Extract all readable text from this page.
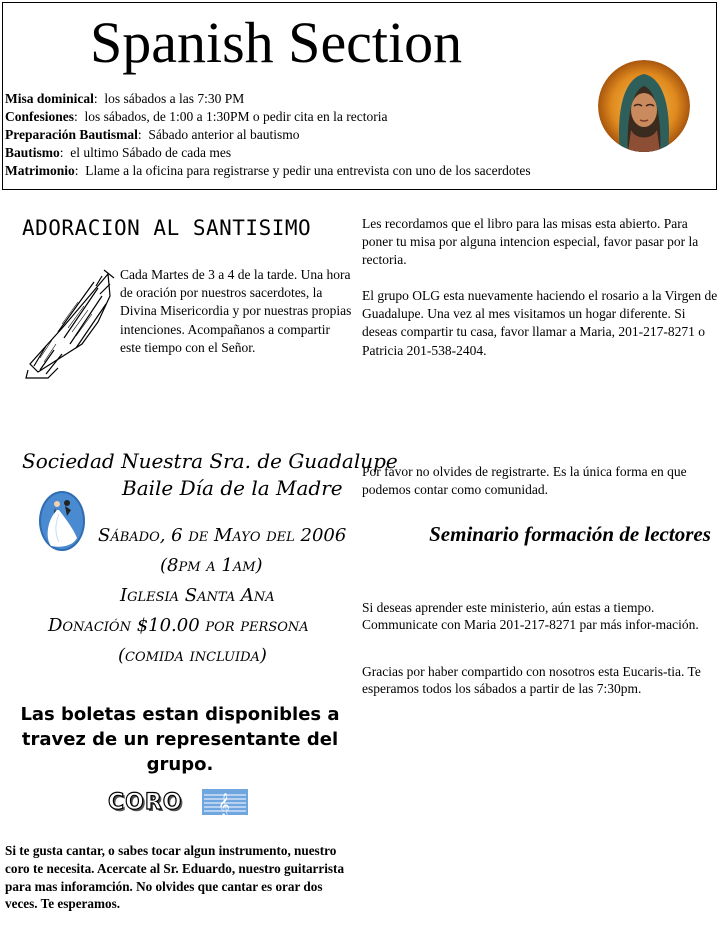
Spanish Section
Misa dominical:  los sábados a las 7:30 PM
Confesiones:  los sábados, de 1:00 a 1:30PM o pedir cita en la rectoria
Preparación Bautismal:  Sábado anterior al bautismo
Bautismo:  el ultimo Sábado de cada mes
Matrimonio:  Llame a la oficina para registrarse y pedir una entrevista con uno de los sacerdotes
ADORACION AL SANTISIMO
Cada Martes de 3 a 4 de la tarde. Una hora de oración por nuestros sacerdotes, la Divina Misericordia y por nuestras propias intenciones. Acompañanos a compartir este tiempo con el Señor.
Les recordamos que el libro para las misas esta abierto. Para poner tu misa por alguna intencion especial, favor pasar por la rectoria.
El grupo OLG esta nuevamente haciendo el rosario a la Virgen de Guadalupe. Una vez al mes visitamos un hogar diferente. Si deseas compartir tu casa, favor llamar a Maria, 201-217-8271 o Patricia 201-538-2404.
Por favor no olvides de registrarte. Es la única forma en que podemos contar como comunidad.
Seminario formación de lectores
Si deseas aprender este ministerio, aún estas a tiempo. Communicate con Maria 201-217-8271 par más infor-mación.
Gracias por haber compartido con nosotros esta Eucaris-tia. Te esperamos todos los sábados a partir de las 7:30pm.
Sociedad Nuestra Sra. de Guadalupe
Baile Día de la Madre
Sábado, 6 de Mayo del 2006
(8pm a 1am)
Iglesia Santa Ana
Donación $10.00 por persona
(comida incluida)
Las boletas estan disponibles a travez de un representante del grupo.
CORO 𝄞
Si te gusta cantar, o sabes tocar algun instrumento, nuestro coro te necesita. Acercate al Sr. Eduardo, nuestro guitarrista para mas inforamción. No olvides que cantar es orar dos veces. Te esperamos.
